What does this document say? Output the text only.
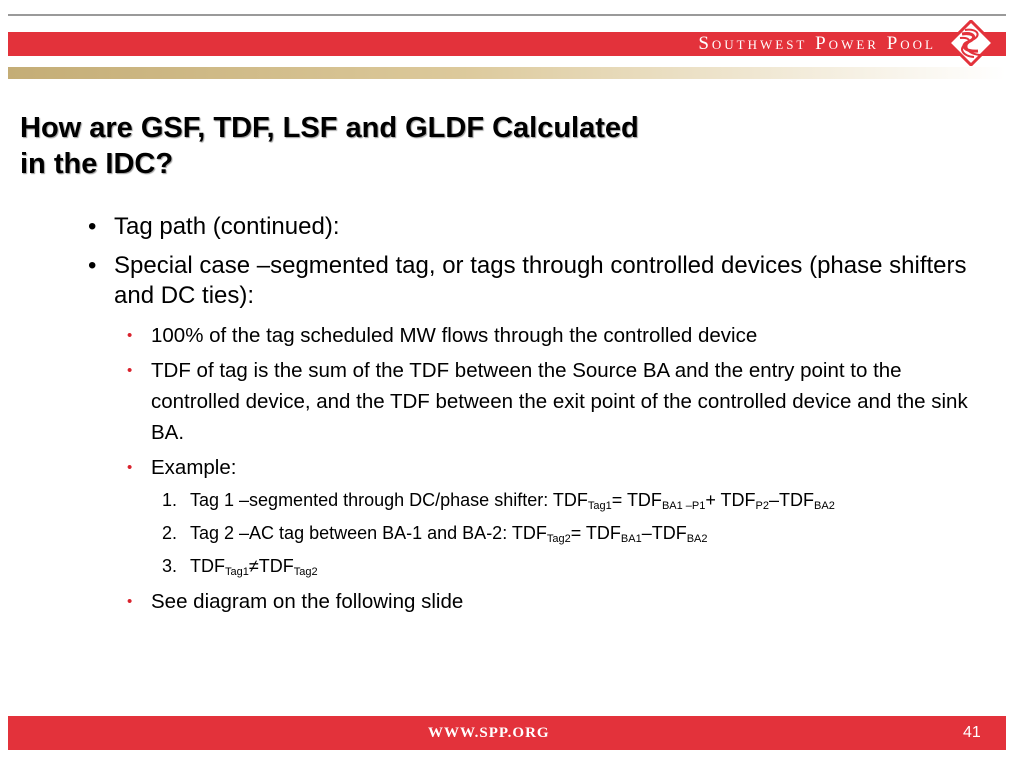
Southwest Power Pool
How are GSF, TDF, LSF and GLDF Calculated
in the IDC?
• Tag path (continued):
• Special case –segmented tag, or tags through controlled devices (phase shifters and DC ties):
• 100% of the tag scheduled MW flows through the controlled device
• TDF of tag is the sum of the TDF between the Source BA and the entry point to the controlled device, and the TDF between the exit point of the controlled device and the sink BA.
• Example:
1. Tag 1 –segmented through DC/phase shifter: $TDF_{Tag1}= TDF_{BA1 -P1}+ TDF_{P2}-TDF_{BA2}$
2. Tag 2 –AC tag between BA-1 and BA-2: $TDF_{Tag2}= TDF_{BA1}-TDF_{BA2}$
3. $TDF_{Tag1}\ne TDF_{Tag2}$
• See diagram on the following slide
WWW.SPP.ORG	41
